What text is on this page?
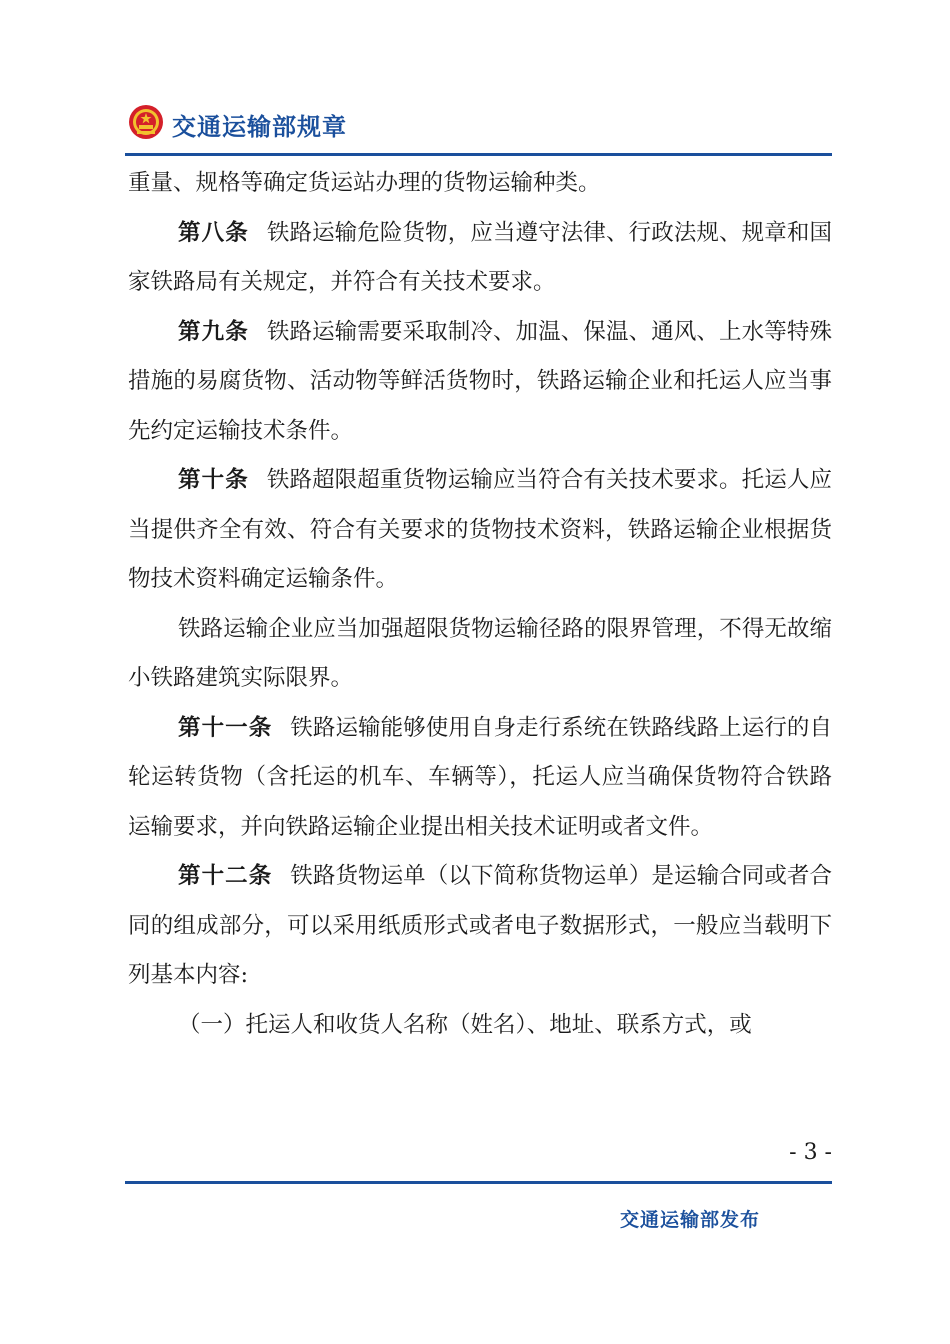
交通运输部规章

重量、规格等确定货运站办理的货物运输种类。

第八条 铁路运输危险货物，应当遵守法律、行政法规、规章和国家铁路局有关规定，并符合有关技术要求。

第九条 铁路运输需要采取制冷、加温、保温、通风、上水等特殊措施的易腐货物、活动物等鲜活货物时，铁路运输企业和托运人应当事先约定运输技术条件。

第十条 铁路超限超重货物运输应当符合有关技术要求。托运人应当提供齐全有效、符合有关要求的货物技术资料，铁路运输企业根据货物技术资料确定运输条件。

铁路运输企业应当加强超限货物运输径路的限界管理，不得无故缩小铁路建筑实际限界。

第十一条 铁路运输能够使用自身走行系统在铁路线路上运行的自轮运转货物（含托运的机车、车辆等），托运人应当确保货物符合铁路运输要求，并向铁路运输企业提出相关技术证明或者文件。

第十二条 铁路货物运单（以下简称货物运单）是运输合同或者合同的组成部分，可以采用纸质形式或者电子数据形式，一般应当载明下列基本内容:

（一）托运人和收货人名称（姓名）、地址、联系方式，或

- 3 -
交通运输部发布
